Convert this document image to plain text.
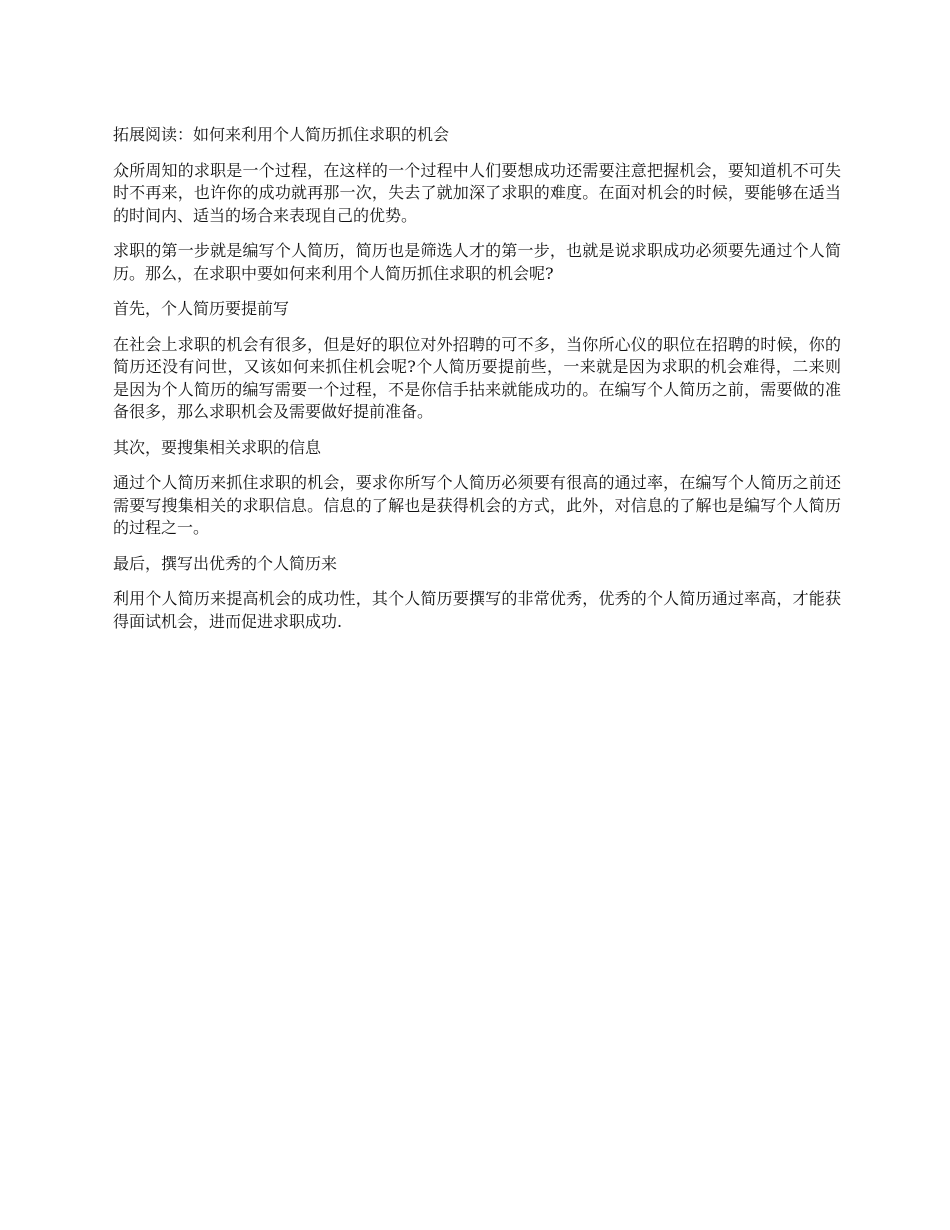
拓展阅读：如何来利用个人简历抓住求职的机会

众所周知的求职是一个过程，在这样的一个过程中人们要想成功还需要注意把握机会，要知道机不可失时不再来，也许你的成功就再那一次，失去了就加深了求职的难度。在面对机会的时候，要能够在适当的时间内、适当的场合来表现自己的优势。

求职的第一步就是编写个人简历，简历也是筛选人才的第一步，也就是说求职成功必须要先通过个人简历。那么，在求职中要如何来利用个人简历抓住求职的机会呢?

首先，个人简历要提前写

在社会上求职的机会有很多，但是好的职位对外招聘的可不多，当你所心仪的职位在招聘的时候，你的简历还没有问世，又该如何来抓住机会呢?个人简历要提前些，一来就是因为求职的机会难得，二来则是因为个人简历的编写需要一个过程，不是你信手拈来就能成功的。在编写个人简历之前，需要做的准备很多，那么求职机会及需要做好提前准备。

其次，要搜集相关求职的信息

通过个人简历来抓住求职的机会，要求你所写个人简历必须要有很高的通过率，在编写个人简历之前还需要写搜集相关的求职信息。信息的了解也是获得机会的方式，此外，对信息的了解也是编写个人简历的过程之一。

最后，撰写出优秀的个人简历来

利用个人简历来提高机会的成功性，其个人简历要撰写的非常优秀，优秀的个人简历通过率高，才能获得面试机会，进而促进求职成功.
